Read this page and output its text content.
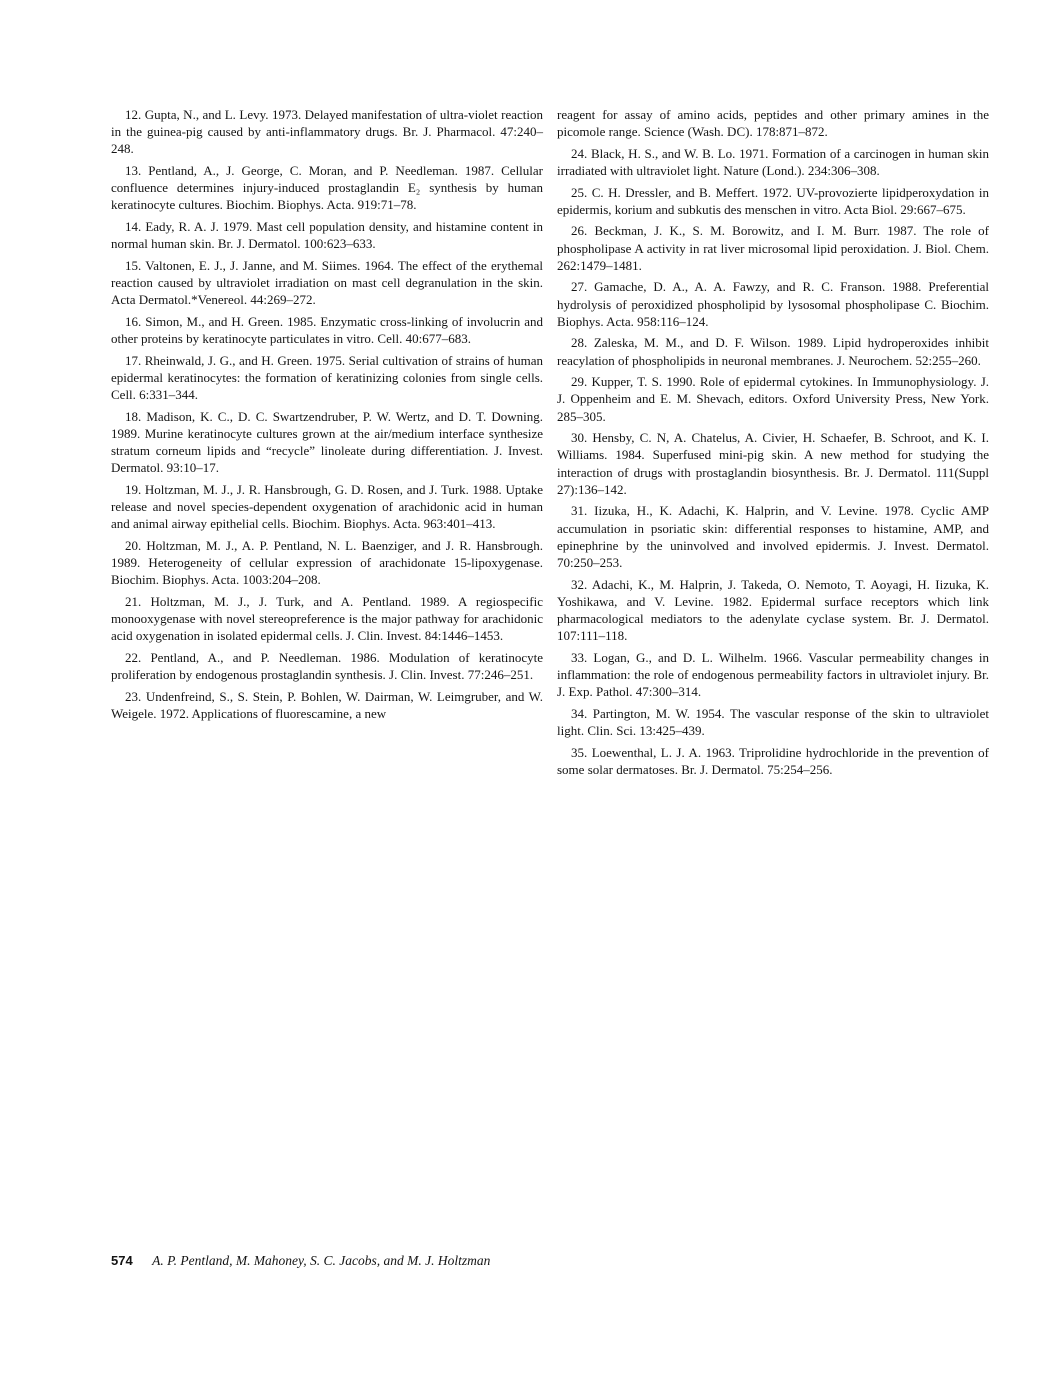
12. Gupta, N., and L. Levy. 1973. Delayed manifestation of ultra-violet reaction in the guinea-pig caused by anti-inflammatory drugs. Br. J. Pharmacol. 47:240–248.

13. Pentland, A., J. George, C. Moran, and P. Needleman. 1987. Cellular confluence determines injury-induced prostaglandin E₂ synthesis by human keratinocyte cultures. Biochim. Biophys. Acta. 919:71–78.

14. Eady, R. A. J. 1979. Mast cell population density, and histamine content in normal human skin. Br. J. Dermatol. 100:623–633.

15. Valtonen, E. J., J. Janne, and M. Siimes. 1964. The effect of the erythemal reaction caused by ultraviolet irradiation on mast cell degranulation in the skin. Acta Dermatol.*Venereol. 44:269–272.

16. Simon, M., and H. Green. 1985. Enzymatic cross-linking of involucrin and other proteins by keratinocyte particulates in vitro. Cell. 40:677–683.

17. Rheinwald, J. G., and H. Green. 1975. Serial cultivation of strains of human epidermal keratinocytes: the formation of keratinizing colonies from single cells. Cell. 6:331–344.

18. Madison, K. C., D. C. Swartzendruber, P. W. Wertz, and D. T. Downing. 1989. Murine keratinocyte cultures grown at the air/medium interface synthesize stratum corneum lipids and “recycle” linoleate during differentiation. J. Invest. Dermatol. 93:10–17.

19. Holtzman, M. J., J. R. Hansbrough, G. D. Rosen, and J. Turk. 1988. Uptake release and novel species-dependent oxygenation of arachidonic acid in human and animal airway epithelial cells. Biochim. Biophys. Acta. 963:401–413.

20. Holtzman, M. J., A. P. Pentland, N. L. Baenziger, and J. R. Hansbrough. 1989. Heterogeneity of cellular expression of arachidonate 15-lipoxygenase. Biochim. Biophys. Acta. 1003:204–208.

21. Holtzman, M. J., J. Turk, and A. Pentland. 1989. A regiospecific monooxygenase with novel stereopreference is the major pathway for arachidonic acid oxygenation in isolated epidermal cells. J. Clin. Invest. 84:1446–1453.

22. Pentland, A., and P. Needleman. 1986. Modulation of keratinocyte proliferation by endogenous prostaglandin synthesis. J. Clin. Invest. 77:246–251.

23. Undenfreind, S., S. Stein, P. Bohlen, W. Dairman, W. Leimgruber, and W. Weigele. 1972. Applications of fluorescamine, a new

reagent for assay of amino acids, peptides and other primary amines in the picomole range. Science (Wash. DC). 178:871–872.

24. Black, H. S., and W. B. Lo. 1971. Formation of a carcinogen in human skin irradiated with ultraviolet light. Nature (Lond.). 234:306–308.

25. C. H. Dressler, and B. Meffert. 1972. UV-provozierte lipidperoxydation in epidermis, korium and subkutis des menschen in vitro. Acta Biol. 29:667–675.

26. Beckman, J. K., S. M. Borowitz, and I. M. Burr. 1987. The role of phospholipase A activity in rat liver microsomal lipid peroxidation. J. Biol. Chem. 262:1479–1481.

27. Gamache, D. A., A. A. Fawzy, and R. C. Franson. 1988. Preferential hydrolysis of peroxidized phospholipid by lysosomal phospholipase C. Biochim. Biophys. Acta. 958:116–124.

28. Zaleska, M. M., and D. F. Wilson. 1989. Lipid hydroperoxides inhibit reacylation of phospholipids in neuronal membranes. J. Neurochem. 52:255–260.

29. Kupper, T. S. 1990. Role of epidermal cytokines. In Immunophysiology. J. J. Oppenheim and E. M. Shevach, editors. Oxford University Press, New York. 285–305.

30. Hensby, C. N, A. Chatelus, A. Civier, H. Schaefer, B. Schroot, and K. I. Williams. 1984. Superfused mini-pig skin. A new method for studying the interaction of drugs with prostaglandin biosynthesis. Br. J. Dermatol. 111(Suppl 27):136–142.

31. Iizuka, H., K. Adachi, K. Halprin, and V. Levine. 1978. Cyclic AMP accumulation in psoriatic skin: differential responses to histamine, AMP, and epinephrine by the uninvolved and involved epidermis. J. Invest. Dermatol. 70:250–253.

32. Adachi, K., M. Halprin, J. Takeda, O. Nemoto, T. Aoyagi, H. Iizuka, K. Yoshikawa, and V. Levine. 1982. Epidermal surface receptors which link pharmacological mediators to the adenylate cyclase system. Br. J. Dermatol. 107:111–118.

33. Logan, G., and D. L. Wilhelm. 1966. Vascular permeability changes in inflammation: the role of endogenous permeability factors in ultraviolet injury. Br. J. Exp. Pathol. 47:300–314.

34. Partington, M. W. 1954. The vascular response of the skin to ultraviolet light. Clin. Sci. 13:425–439.

35. Loewenthal, L. J. A. 1963. Triprolidine hydrochloride in the prevention of some solar dermatoses. Br. J. Dermatol. 75:254–256.

574 A. P. Pentland, M. Mahoney, S. C. Jacobs, and M. J. Holtzman
